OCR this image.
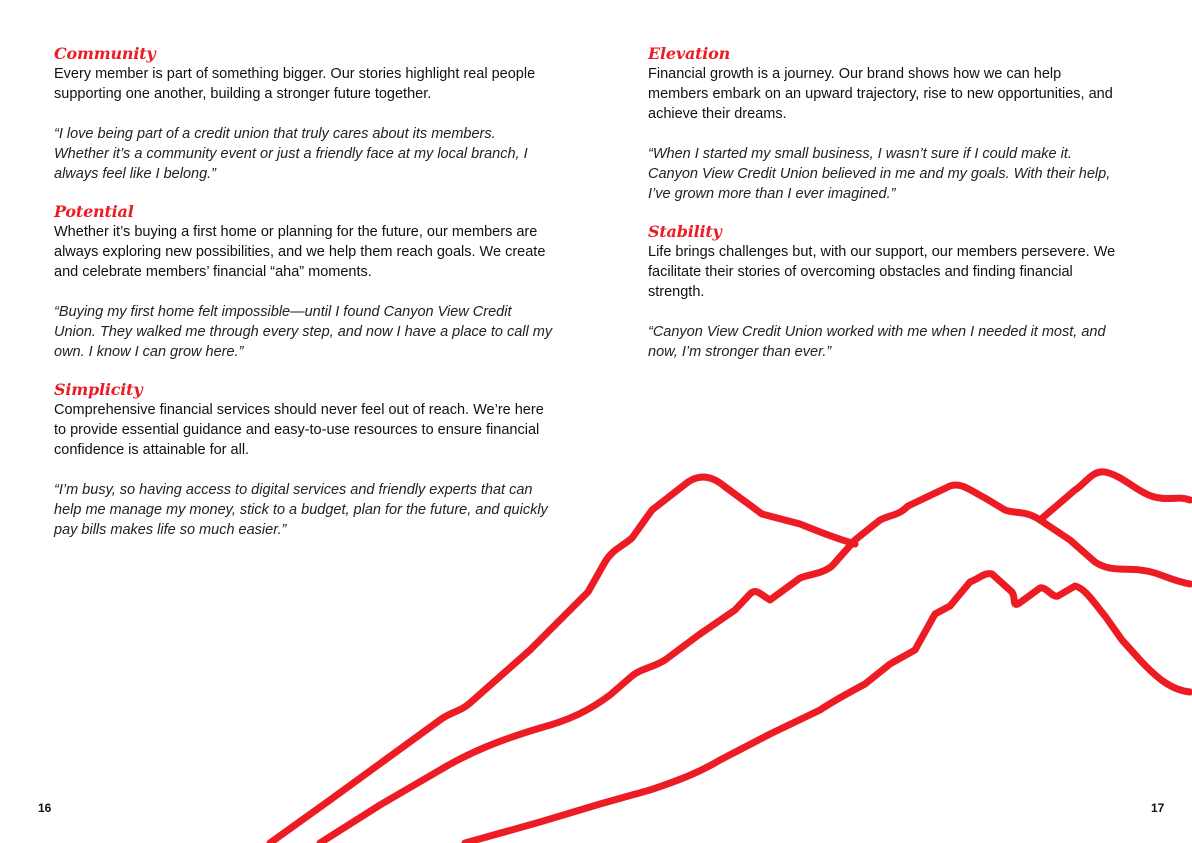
Community

Every member is part of something bigger. Our stories highlight real people supporting one another, building a stronger future together.

“I love being part of a credit union that truly cares about its members. Whether it’s a community event or just a friendly face at my local branch, I always feel like I belong.”

Potential

Whether it’s buying a first home or planning for the future, our members are always exploring new possibilities, and we help them reach goals. We create and celebrate members’ financial “aha” moments.

“Buying my first home felt impossible—until I found Canyon View Credit Union. They walked me through every step, and now I have a place to call my own. I know I can grow here.”

Simplicity

Comprehensive financial services should never feel out of reach. We’re here to provide essential guidance and easy-to-use resources to ensure financial confidence is attainable for all.

“I’m busy, so having access to digital services and friendly experts that can help me manage my money, stick to a budget, plan for the future, and quickly pay bills makes life so much easier.”

Elevation

Financial growth is a journey. Our brand shows how we can help members embark on an upward trajectory, rise to new opportunities, and achieve their dreams.

“When I started my small business, I wasn’t sure if I could make it. Canyon View Credit Union believed in me and my goals. With their help, I’ve grown more than I ever imagined.”

Stability

Life brings challenges but, with our support, our members persevere. We facilitate their stories of overcoming obstacles and finding financial strength.

“Canyon View Credit Union worked with me when I needed it most, and now, I’m stronger than ever.”

16	17
